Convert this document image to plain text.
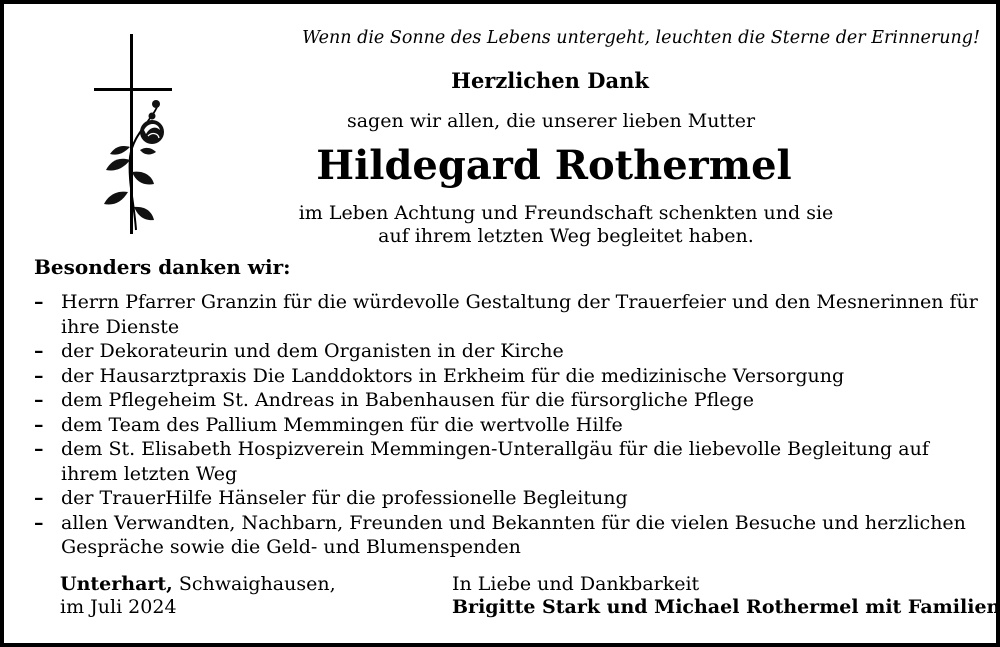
Wenn die Sonne des Lebens untergeht, leuchten die Sterne der Erinnerung!
Herzlichen Dank
sagen wir allen, die unserer lieben Mutter
Hildegard Rothermel
im Leben Achtung und Freundschaft schenkten und sie
auf ihrem letzten Weg begleitet haben.
Besonders danken wir:
– Herrn Pfarrer Granzin für die würdevolle Gestaltung der Trauerfeier und den Mesnerinnen für ihre Dienste
– der Dekorateurin und dem Organisten in der Kirche
– der Hausarztpraxis Die Landdoktors in Erkheim für die medizinische Versorgung
– dem Pflegeheim St. Andreas in Babenhausen für die fürsorgliche Pflege
– dem Team des Pallium Memmingen für die wertvolle Hilfe
– dem St. Elisabeth Hospizverein Memmingen-Unterallgäu für die liebevolle Begleitung auf ihrem letzten Weg
– der TrauerHilfe Hänseler für die professionelle Begleitung
– allen Verwandten, Nachbarn, Freunden und Bekannten für die vielen Besuche und herzlichen Gespräche sowie die Geld- und Blumenspenden
Unterhart, Schwaighausen,
im Juli 2024
In Liebe und Dankbarkeit
Brigitte Stark und Michael Rothermel mit Familien
